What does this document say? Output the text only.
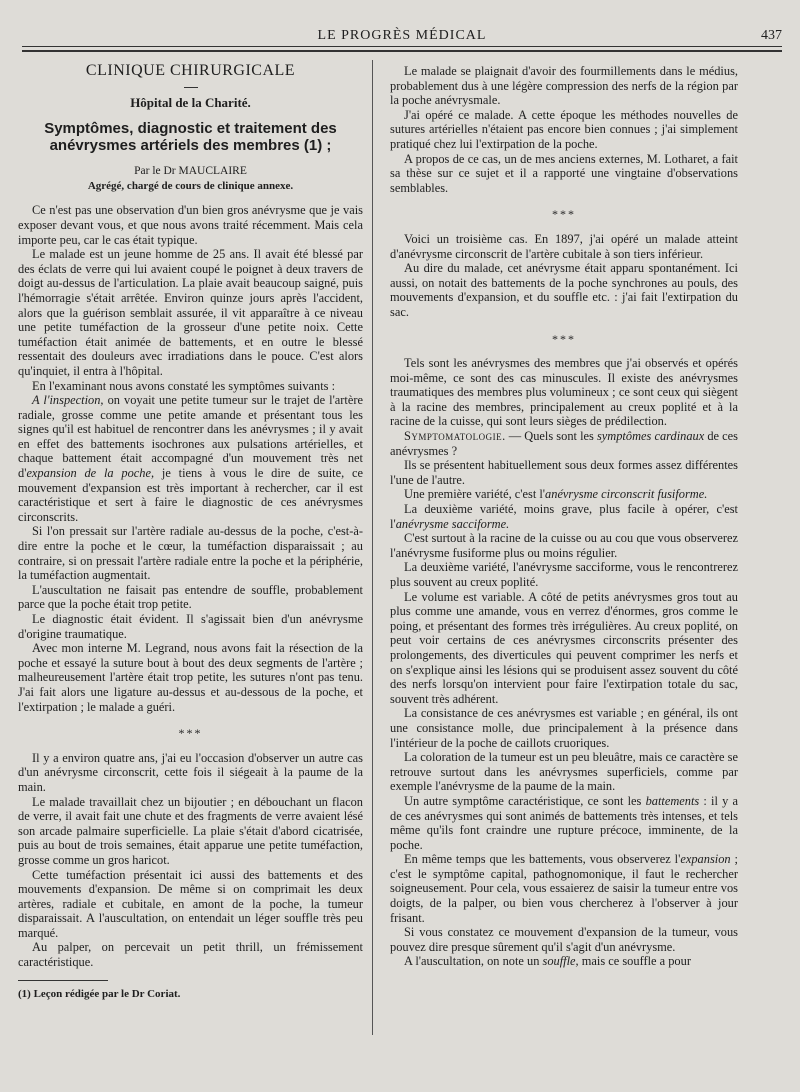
LE PROGRÈS MÉDICAL	437
CLINIQUE CHIRURGICALE
Hôpital de la Charité.
Symptômes, diagnostic et traitement des anévrysmes artériels des membres (1) ;
Par le Dr MAUCLAIRE
Agrégé, chargé de cours de clinique annexe.

Ce n'est pas une observation d'un bien gros anévrysme que je vais exposer devant vous, et que nous avons traité récemment. Mais cela importe peu, car le cas était typique.

Le malade est un jeune homme de 25 ans. Il avait été blessé par des éclats de verre qui lui avaient coupé le poignet à deux travers de doigt au-dessus de l'articulation. La plaie avait beaucoup saigné, puis l'hémorragie s'était arrêtée. Environ quinze jours après l'accident, alors que la guérison semblait assurée, il vit apparaître à ce niveau une petite tuméfaction de la grosseur d'une petite noix. Cette tuméfaction était animée de battements, et en outre le blessé ressentait des douleurs avec irradiations dans le pouce. C'est alors qu'inquiet, il entra à l'hôpital.

En l'examinant nous avons constaté les symptômes suivants :

A l'inspection, on voyait une petite tumeur sur le trajet de l'artère radiale, grosse comme une petite amande et présentant tous les signes qu'il est habituel de rencontrer dans les anévrysmes ; il y avait en effet des battements isochrones aux pulsations artérielles, et chaque battement était accompagné d'un mouvement très net d'expansion de la poche, je tiens à vous le dire de suite, ce mouvement d'expansion est très important à rechercher, car il est caractéristique et sert à faire le diagnostic de ces anévrysmes circonscrits.

Si l'on pressait sur l'artère radiale au-dessus de la poche, c'est-à-dire entre la poche et le cœur, la tuméfaction disparaissait ; au contraire, si on pressait l'artère radiale entre la poche et la périphérie, la tuméfaction augmentait.

L'auscultation ne faisait pas entendre de souffle, probablement parce que la poche était trop petite.

Le diagnostic était évident. Il s'agissait bien d'un anévrysme d'origine traumatique.

Avec mon interne M. Legrand, nous avons fait la résection de la poche et essayé la suture bout à bout des deux segments de l'artère ; malheureusement l'artère était trop petite, les sutures n'ont pas tenu. J'ai fait alors une ligature au-dessus et au-dessous de la poche, et l'extirpation ; le malade a guéri.

***

Il y a environ quatre ans, j'ai eu l'occasion d'observer un autre cas d'un anévrysme circonscrit, cette fois il siégeait à la paume de la main.

Le malade travaillait chez un bijoutier ; en débouchant un flacon de verre, il avait fait une chute et des fragments de verre avaient lésé son arcade palmaire superficielle. La plaie s'était d'abord cicatrisée, puis au bout de trois semaines, était apparue une petite tuméfaction, grosse comme un gros haricot.

Cette tuméfaction présentait ici aussi des battements et des mouvements d'expansion. De même si on comprimait les deux artères, radiale et cubitale, en amont de la poche, la tumeur disparaissait. A l'auscultation, on entendait un léger souffle très peu marqué.

Au palper, on percevait un petit thrill, un frémissement caractéristique.

(1) Leçon rédigée par le Dr Coriat.

Le malade se plaignait d'avoir des fourmillements dans le médius, probablement dus à une légère compression des nerfs de la région par la poche anévrysmale.

J'ai opéré ce malade. A cette époque les méthodes nouvelles de sutures artérielles n'étaient pas encore bien connues ; j'ai simplement pratiqué chez lui l'extirpation de la poche.

A propos de ce cas, un de mes anciens externes, M. Lotharet, a fait sa thèse sur ce sujet et il a rapporté une vingtaine d'observations semblables.

***

Voici un troisième cas. En 1897, j'ai opéré un malade atteint d'anévrysme circonscrit de l'artère cubitale à son tiers inférieur.

Au dire du malade, cet anévrysme était apparu spontanément. Ici aussi, on notait des battements de la poche synchrones au pouls, des mouvements d'expansion, et du souffle etc. : j'ai fait l'extirpation du sac.

***

Tels sont les anévrysmes des membres que j'ai observés et opérés moi-même, ce sont des cas minuscules. Il existe des anévrysmes traumatiques des membres plus volumineux ; ce sont ceux qui siègent à la racine des membres, principalement au creux poplité et à la racine de la cuisse, qui sont leurs sièges de prédilection.

Symptomatologie. — Quels sont les symptômes cardinaux de ces anévrysmes ?

Ils se présentent habituellement sous deux formes assez différentes l'une de l'autre.

Une première variété, c'est l'anévrysme circonscrit fusiforme.

La deuxième variété, moins grave, plus facile à opérer, c'est l'anévrysme sacciforme.

C'est surtout à la racine de la cuisse ou au cou que vous observerez l'anévrysme fusiforme plus ou moins régulier.

La deuxième variété, l'anévrysme sacciforme, vous le rencontrerez plus souvent au creux poplité.

Le volume est variable. A côté de petits anévrysmes gros tout au plus comme une amande, vous en verrez d'énormes, gros comme le poing, et présentant des formes très irrégulières. Au creux poplité, on peut voir certains de ces anévrysmes circonscrits présenter des prolongements, des diverticules qui peuvent comprimer les nerfs et on s'explique ainsi les lésions qui se produisent assez souvent du côté des nerfs lorsqu'on intervient pour faire l'extirpation totale du sac, souvent très adhérent.

La consistance de ces anévrysmes est variable ; en général, ils ont une consistance molle, due principalement à la présence dans l'intérieur de la poche de caillots cruoriques.

La coloration de la tumeur est un peu bleuâtre, mais ce caractère se retrouve surtout dans les anévrysmes superficiels, comme par exemple l'anévrysme de la paume de la main.

Un autre symptôme caractéristique, ce sont les battements : il y a de ces anévrysmes qui sont animés de battements très intenses, et tels même qu'ils font craindre une rupture précoce, imminente, de la poche.

En même temps que les battements, vous observerez l'expansion ; c'est le symptôme capital, pathognomonique, il faut le rechercher soigneusement. Pour cela, vous essaierez de saisir la tumeur entre vos doigts, de la palper, ou bien vous chercherez à l'observer à jour frisant.

Si vous constatez ce mouvement d'expansion de la tumeur, vous pouvez dire presque sûrement qu'il s'agit d'un anévrysme.

A l'auscultation, on note un souffle, mais ce souffle a pour
